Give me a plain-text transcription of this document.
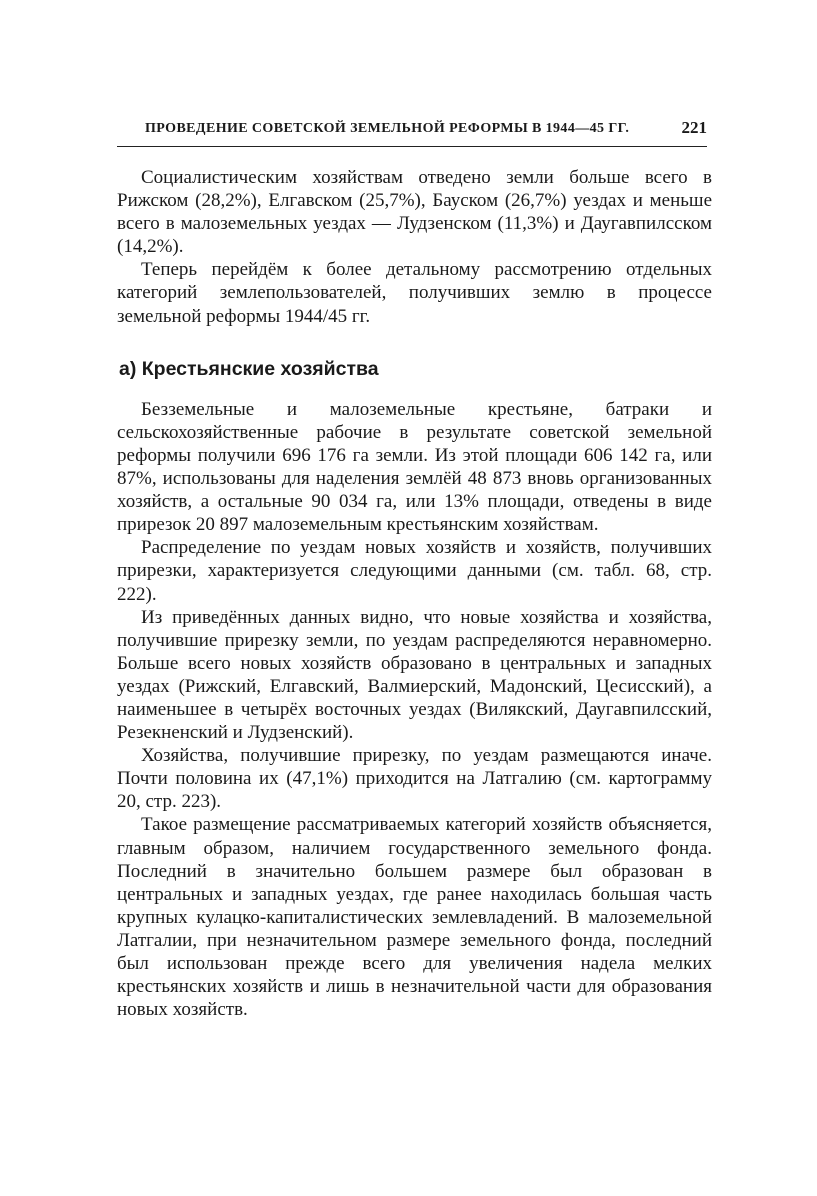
ПРОВЕДЕНИЕ СОВЕТСКОЙ ЗЕМЕЛЬНОЙ РЕФОРМЫ В 1944—45 ГГ.	221

Социалистическим хозяйствам отведено земли больше всего в Рижском (28,2%), Елгавском (25,7%), Бауском (26,7%) уездах и меньше всего в малоземельных уездах — Лудзенском (11,3%) и Даугавпилсском (14,2%).

Теперь перейдём к более детальному рассмотрению отдельных категорий землепользователей, получивших землю в процессе земельной реформы 1944/45 гг.

а) Крестьянские хозяйства

Безземельные и малоземельные крестьяне, батраки и сельскохозяйственные рабочие в результате советской земельной реформы получили 696 176 га земли. Из этой площади 606 142 га, или 87%, использованы для наделения землёй 48 873 вновь организованных хозяйств, а остальные 90 034 га, или 13% площади, отведены в виде прирезок 20 897 малоземельным крестьянским хозяйствам.

Распределение по уездам новых хозяйств и хозяйств, получивших прирезки, характеризуется следующими данными (см. табл. 68, стр. 222).

Из приведённых данных видно, что новые хозяйства и хозяйства, получившие прирезку земли, по уездам распределяются неравномерно. Больше всего новых хозяйств образовано в центральных и западных уездах (Рижский, Елгавский, Валмиерский, Мадонский, Цесисский), а наименьшее в четырёх восточных уездах (Вилякский, Даугавпилсский, Резекненский и Лудзенский).

Хозяйства, получившие прирезку, по уездам размещаются иначе. Почти половина их (47,1%) приходится на Латгалию (см. картограмму 20, стр. 223).

Такое размещение рассматриваемых категорий хозяйств объясняется, главным образом, наличием государственного земельного фонда. Последний в значительно большем размере был образован в центральных и западных уездах, где ранее находилась большая часть крупных кулацко-капиталистических землевладений. В малоземельной Латгалии, при незначительном размере земельного фонда, последний был использован прежде всего для увеличения надела мелких крестьянских хозяйств и лишь в незначительной части для образования новых хозяйств.
